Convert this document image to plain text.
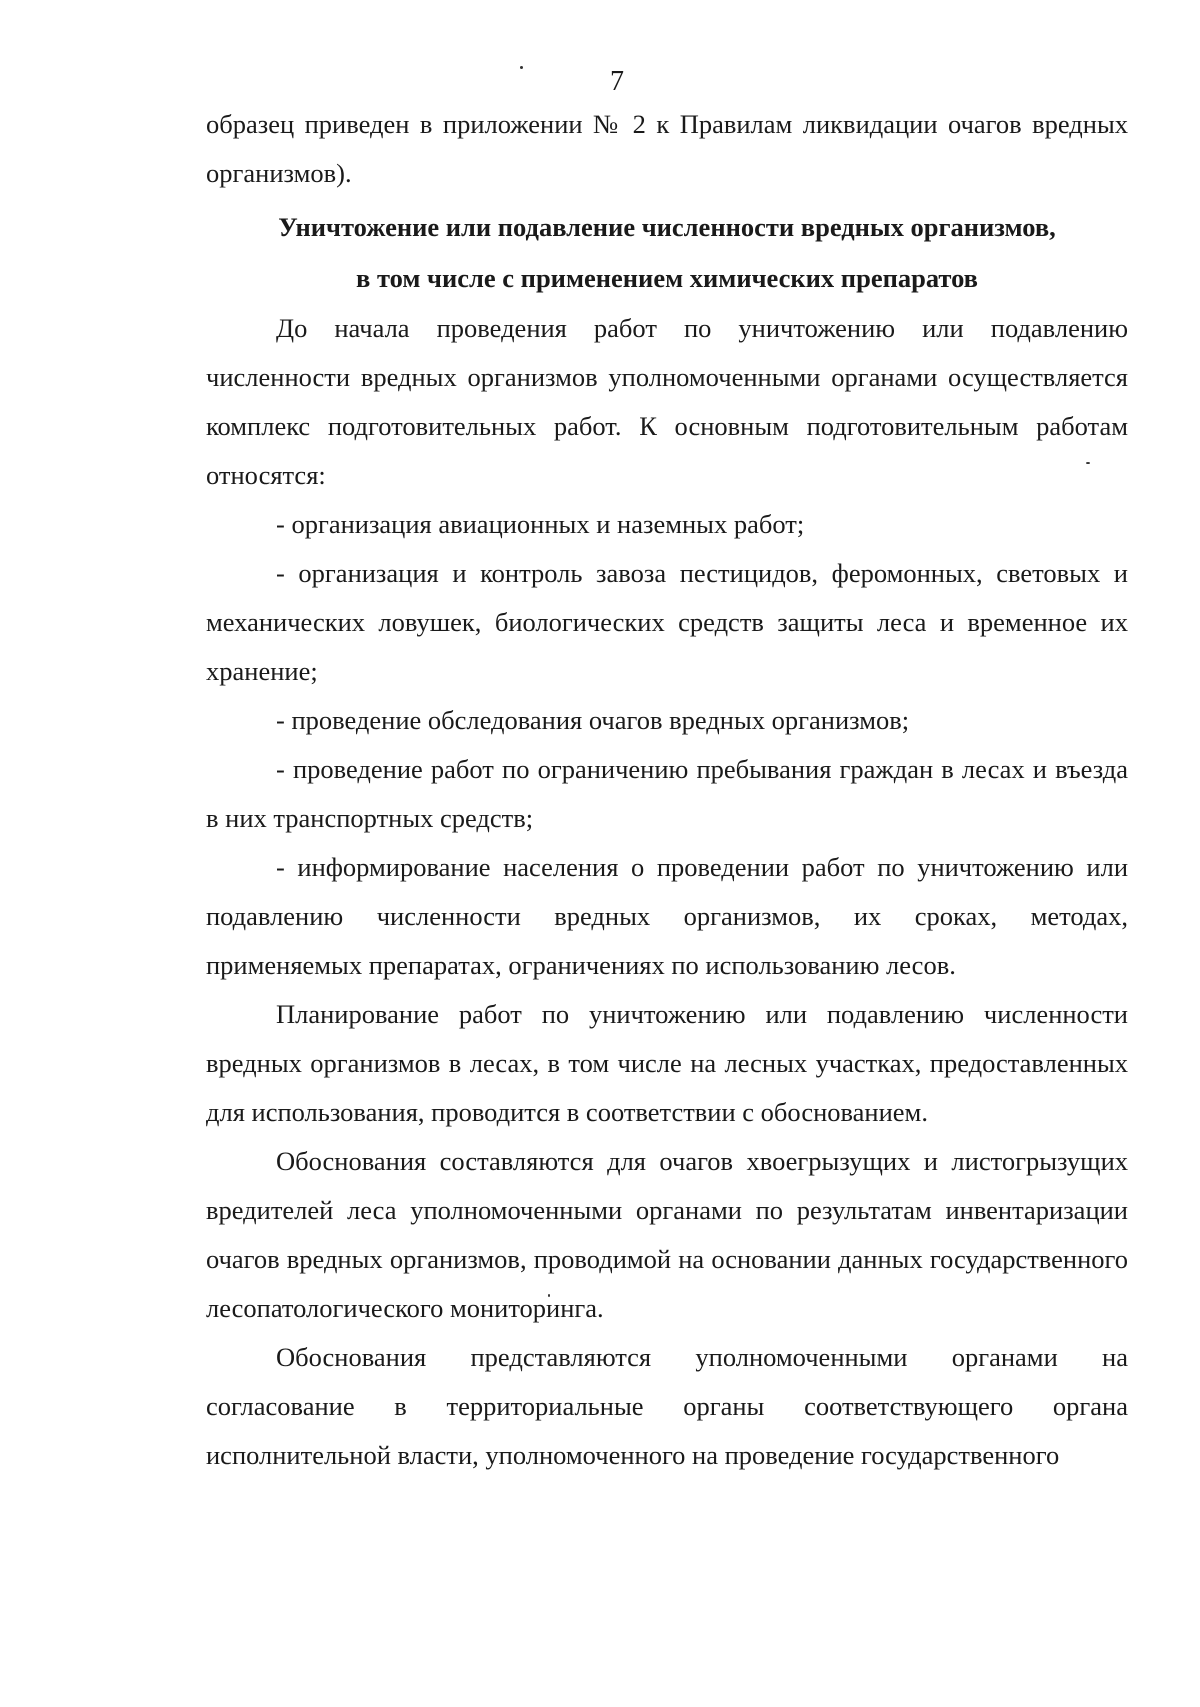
7

образец приведен в приложении № 2 к Правилам ликвидации очагов вредных организмов).

Уничтожение или подавление численности вредных организмов,

в том числе с применением химических препаратов

До начала проведения работ по уничтожению или подавлению численности вредных организмов уполномоченными органами осуществляется комплекс подготовительных работ. К основным подготовительным работам относятся:

- организация авиационных и наземных работ;

- организация и контроль завоза пестицидов, феромонных, световых и механических ловушек, биологических средств защиты леса и временное их хранение;

- проведение обследования очагов вредных организмов;

- проведение работ по ограничению пребывания граждан в лесах и въезда в них транспортных средств;

- информирование населения о проведении работ по уничтожению или подавлению численности вредных организмов, их сроках, методах, применяемых препаратах, ограничениях по использованию лесов.

Планирование работ по уничтожению или подавлению численности вредных организмов в лесах, в том числе на лесных участках, предоставленных для использования, проводится в соответствии с обоснованием.

Обоснования составляются для очагов хвоегрызущих и листогрызущих вредителей леса уполномоченными органами по результатам инвентаризации очагов вредных организмов, проводимой на основании данных государственного лесопатологического мониторинга.

Обоснования представляются уполномоченными органами на согласование в территориальные органы соответствующего органа исполнительной власти, уполномоченного на проведение государственного
